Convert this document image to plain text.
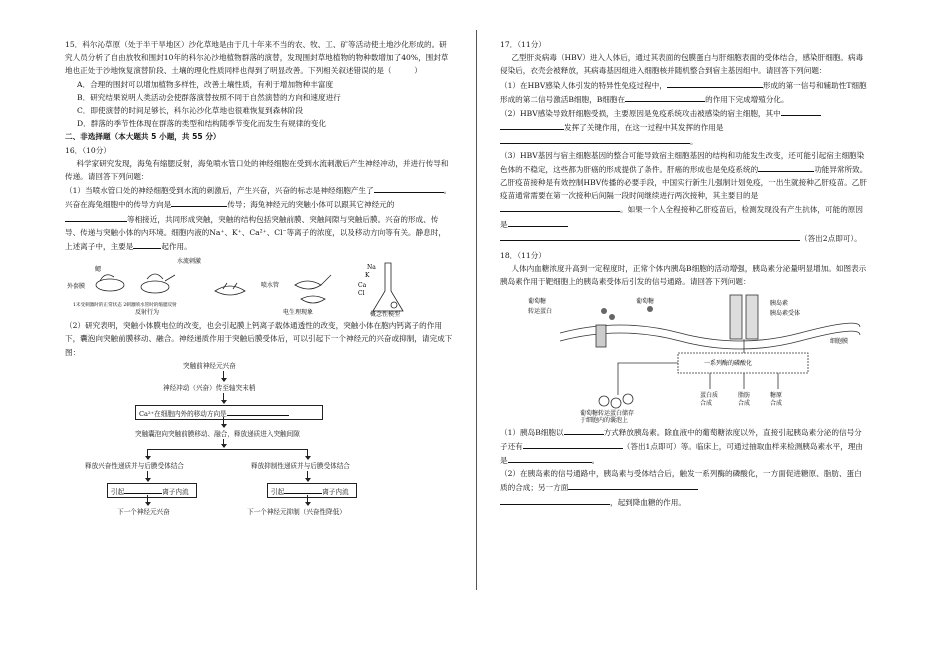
15．科尔沁草原（处于半干旱地区）沙化草地是由于几十年来不当的农、牧、工、矿等活动使土地沙化形成的。研究人员分析了自由放牧和围封10年的科尔沁沙地植物群落的演替，发现围封草地植物的物种数增加了40%，围封草地也正处于沙地恢复演替阶段、土壤的理化性质同样也得到了明显改善。下列相关叙述错误的是（　　　）

A．合理的围封可以增加植物多样性，改善土壤性质，有利于增加物种丰富度

B．研究结果说明人类活动会使群落演替按照不同于自然演替的方向和速度进行

C．即使演替的时间足够长，科尔沁沙化草地也很难恢复到森林阶段

D．群落的季节性体现在群落的类型和结构随季节变化而发生有规律的变化

二、非选择题（本大题共 5 小题，共 55 分）

16．（10分）

科学家研究发现，海兔有缩腮反射，海兔喷水管口处的神经细胞在受到水流刺激后产生神经冲动，并进行传导和传递。请回答下列问题：

（1）当喷水管口处的神经细胞受到水流的刺激后，产生兴奋，兴奋的标志是神经细胞产生了	。兴奋在海兔细胞中的传导方向是	传导；海兔神经元的突触小体可以跟其它神经元的等相接近，共同形成突触，突触的结构包括突触前膜、突触间隙与突触后膜。兴奋的形成、传导、传递与突触小体的内环境。细胞内液的Na⁺、K⁺、Ca²⁺、Cl⁻等离子的浓度，以及移动方向等有关。静息时，上述离子中，主要是	起作用。

鳃
水流刺激
外套膜	喷水管
Na
K
Ca
Cl
1未受刺激时的正常状态 2刺激喷水管时的缩腮反射
反射行为	电生理现象	概念性模型

（2）研究表明，突触小体膜电位的改变，也会引起膜上钙离子载体通透性的改变，突触小体在胞内钙离子的作用下，囊泡向突触前膜移动、融合。神经递质作用于突触后膜受体后，可以引起下一个神经元的兴奋或抑制，请完成下图：

突触前神经元兴奋
神经冲动（兴奋）传至轴突末梢
Ca²⁺在细胞内外的移动方向是
突触囊泡向突触前膜移动、融合，释放递质进入突触间隙
释放兴奋性递质并与后膜受体结合	释放抑制性递质并与后膜受体结合
引起	离子内流	引起	离子内流
下一个神经元兴奋	下一个神经元抑制（兴奋性降低）

17．（11分）

乙型肝炎病毒（HBV）进入人体后，通过其表面的包膜蛋白与肝细胞表面的受体结合，感染肝细胞。病毒侵染后，衣壳会被释放，其病毒基因组进入细胞核并随机整合到宿主基因组中。请回答下列问题：

（1）在HBV感染人体引发的特异性免疫过程中，	形成的第一信号和辅助性T细胞形成的第二信号激活B细胞，B细胞在	的作用下完成增殖分化。

（2）HBV感染导致肝细胞受损，主要原因是免疫系统攻击被感染的宿主细胞，其中
发挥了关键作用，在这一过程中其发挥的作用是
。

（3）HBV基因与宿主细胞基因的整合可能导致宿主细胞基因的结构和功能发生改变，还可能引起宿主细胞染色体的不稳定，这些都为肝癌的形成提供了条件。肝癌的形成也是免疫系统的	功能异常所致。乙肝疫苗接种是有效控制HBV传播的必要手段，中国实行新生儿强制计划免疫，一出生就接种乙肝疫苗。乙肝疫苗通常需要在第一次接种后间隔一段时间继续进行两次接种，其主要目的是。如果一个人全程接种乙肝疫苗后，检测发现没有产生抗体，可能的原因是
（答出2点即可）。

18．（11分）

人体内血糖浓度升高到一定程度时，正常个体内胰岛B细胞的活动增强，胰岛素分泌量明显增加。如图表示胰岛素作用于靶细胞上的胰岛素受体后引发的信号通路。请回答下列问题：

葡萄糖	葡萄糖
转运蛋白
胰岛素
胰岛素受体
细胞膜
一系列酶的磷酸化
蛋白质
合成
脂肪
合成
糖原
合成
葡萄糖转运蛋白储存
于细胞内的囊泡上

（1）胰岛B细胞以	方式释放胰岛素。除血液中的葡萄糖浓度以外，直接引起胰岛素分泌的信号分子还有	（答出1点即可）等。临床上，可通过抽取血样来检测胰岛素水平，理由是	。

（2）在胰岛素的信号通路中，胰岛素与受体结合后，触发一系列酶的磷酸化，一方面促进糖原、脂肪、蛋白质的合成；另一方面
，起到降血糖的作用。
